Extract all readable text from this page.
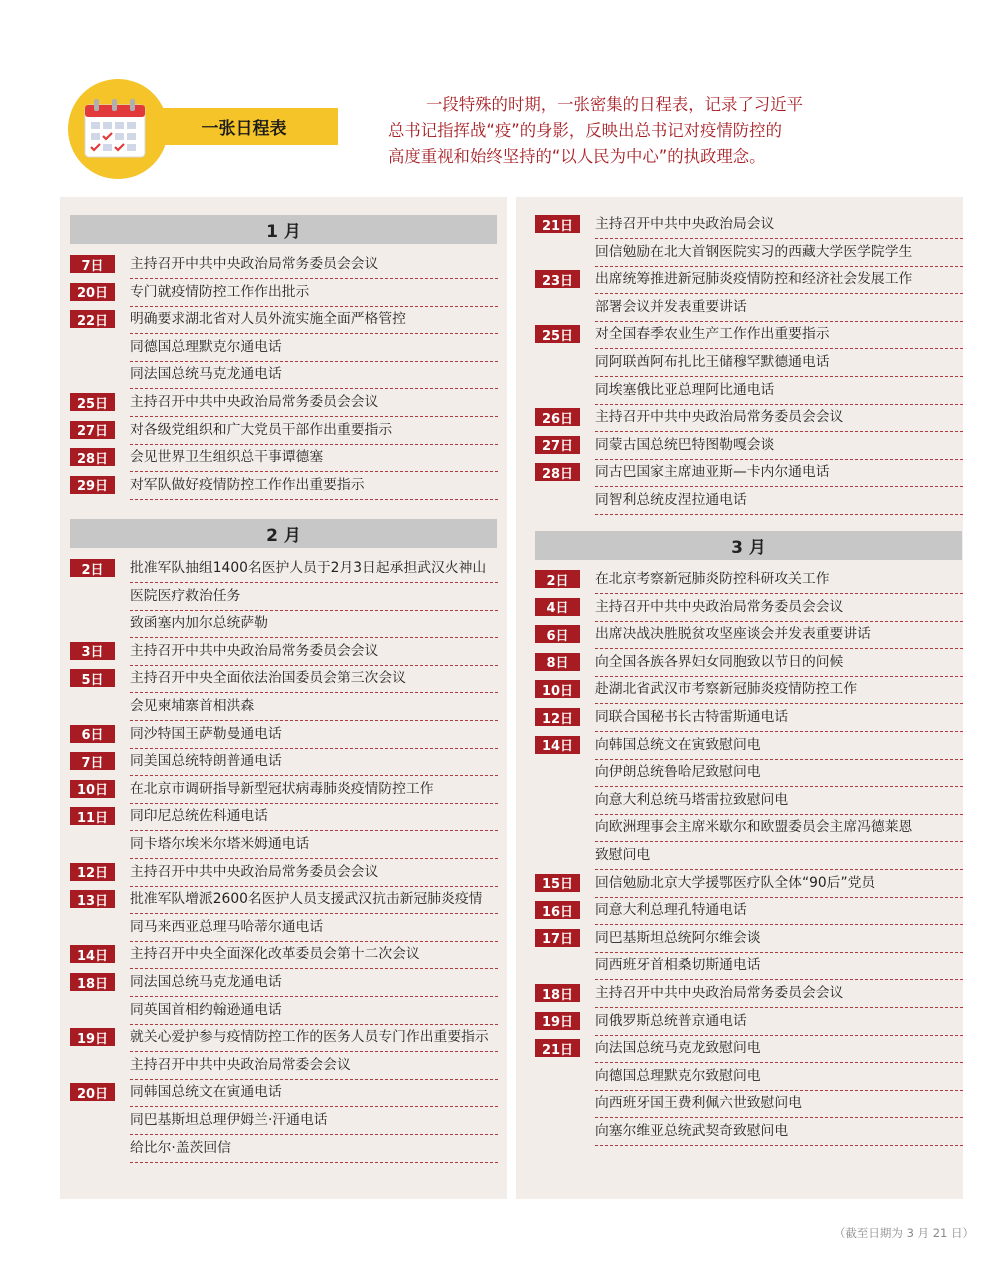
一张日程表
一段特殊的时期，一张密集的日程表，记录了习近平
总书记指挥战“疫”的身影，反映出总书记对疫情防控的
高度重视和始终坚持的“以人民为中心”的执政理念。
1 月
7日	主持召开中共中央政治局常务委员会会议
20日	专门就疫情防控工作作出批示
22日	明确要求湖北省对人员外流实施全面严格管控
同德国总理默克尔通电话
同法国总统马克龙通电话
25日	主持召开中共中央政治局常务委员会会议
27日	对各级党组织和广大党员干部作出重要指示
28日	会见世界卫生组织总干事谭德塞
29日	对军队做好疫情防控工作作出重要指示
2 月
2日	批准军队抽组1400名医护人员于2月3日起承担武汉火神山
医院医疗救治任务
致函塞内加尔总统萨勒
3日	主持召开中共中央政治局常务委员会会议
5日	主持召开中央全面依法治国委员会第三次会议
会见柬埔寨首相洪森
6日	同沙特国王萨勒曼通电话
7日	同美国总统特朗普通电话
10日	在北京市调研指导新型冠状病毒肺炎疫情防控工作
11日	同印尼总统佐科通电话
同卡塔尔埃米尔塔米姆通电话
12日	主持召开中共中央政治局常务委员会会议
13日	批准军队增派2600名医护人员支援武汉抗击新冠肺炎疫情
同马来西亚总理马哈蒂尔通电话
14日	主持召开中央全面深化改革委员会第十二次会议
18日	同法国总统马克龙通电话
同英国首相约翰逊通电话
19日	就关心爱护参与疫情防控工作的医务人员专门作出重要指示
主持召开中共中央政治局常委会会议
20日	同韩国总统文在寅通电话
同巴基斯坦总理伊姆兰·汗通电话
给比尔·盖茨回信
21日	主持召开中共中央政治局会议
回信勉励在北大首钢医院实习的西藏大学医学院学生
23日	出席统筹推进新冠肺炎疫情防控和经济社会发展工作
部署会议并发表重要讲话
25日	对全国春季农业生产工作作出重要指示
同阿联酋阿布扎比王储穆罕默德通电话
同埃塞俄比亚总理阿比通电话
26日	主持召开中共中央政治局常务委员会会议
27日	同蒙古国总统巴特图勒嘎会谈
28日	同古巴国家主席迪亚斯—卡内尔通电话
同智利总统皮涅拉通电话
3 月
2日	在北京考察新冠肺炎防控科研攻关工作
4日	主持召开中共中央政治局常务委员会会议
6日	出席决战决胜脱贫攻坚座谈会并发表重要讲话
8日	向全国各族各界妇女同胞致以节日的问候
10日	赴湖北省武汉市考察新冠肺炎疫情防控工作
12日	同联合国秘书长古特雷斯通电话
14日	向韩国总统文在寅致慰问电
向伊朗总统鲁哈尼致慰问电
向意大利总统马塔雷拉致慰问电
向欧洲理事会主席米歇尔和欧盟委员会主席冯德莱恩
致慰问电
15日	回信勉励北京大学援鄂医疗队全体“90后”党员
16日	同意大利总理孔特通电话
17日	同巴基斯坦总统阿尔维会谈
同西班牙首相桑切斯通电话
18日	主持召开中共中央政治局常务委员会会议
19日	同俄罗斯总统普京通电话
21日	向法国总统马克龙致慰问电
向德国总理默克尔致慰问电
向西班牙国王费利佩六世致慰问电
向塞尔维亚总统武契奇致慰问电
（截至日期为 3 月 21 日）
